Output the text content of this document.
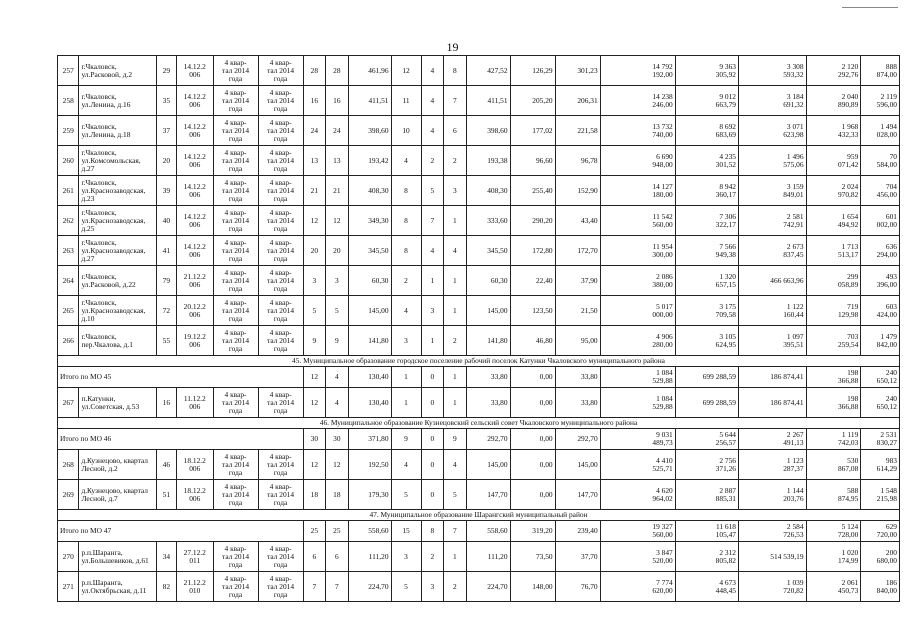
19
257	г.Чкаловск,
ул.Расковой, д.2	29	14.12.2
006	4 квар-
тал 2014
года	4 квар-
тал 2014
года	28	28	461,96	12	4	8	427,52	126,29	301,23	14 792
192,00	9 363
305,92	3 308
593,32	2 120
292,76	888
874,00
258	г.Чкаловск,
ул.Ленина, д.16	35	14.12.2
006	4 квар-
тал 2014
года	4 квар-
тал 2014
года	16	16	411,51	11	4	7	411,51	205,20	206,31	14 238
246,00	9 012
663,79	3 184
691,32	2 040
890,89	2 119
596,00
259	г.Чкаловск,
ул.Ленина, д.18	37	14.12.2
006	4 квар-
тал 2014
года	4 квар-
тал 2014
года	24	24	398,60	10	4	6	398,60	177,02	221,58	13 732
740,00	8 692
683,69	3 071
623,98	1 968
432,33	1 494
028,00
260	г.Чкаловск,
ул.Комсомольская,
д.27	20	14.12.2
006	4 квар-
тал 2014
года	4 квар-
тал 2014
года	13	13	193,42	4	2	2	193,38	96,60	96,78	6 690
948,00	4 235
301,52	1 496
575,06	959
071,42	70
584,00
261	г.Чкаловск,
ул.Краснозаводская,
д.23	39	14.12.2
006	4 квар-
тал 2014
года	4 квар-
тал 2014
года	21	21	408,30	8	5	3	408,30	255,40	152,90	14 127
180,00	8 942
360,17	3 159
849,01	2 024
970,82	704
456,00
262	г.Чкаловск,
ул.Краснозаводская,
д.25	40	14.12.2
006	4 квар-
тал 2014
года	4 квар-
тал 2014
года	12	12	349,30	8	7	1	333,60	290,20	43,40	11 542
560,00	7 306
322,17	2 581
742,91	1 654
494,92	601
002,00
263	г.Чкаловск,
ул.Краснозаводская,
д.27	41	14.12.2
006	4 квар-
тал 2014
года	4 квар-
тал 2014
года	20	20	345,50	8	4	4	345,50	172,80	172,70	11 954
300,00	7 566
949,38	2 673
837,45	1 713
513,17	636
294,00
264	г.Чкаловск,
ул.Расковой, д.22	79	21.12.2
006	4 квар-
тал 2014
года	4 квар-
тал 2014
года	3	3	60,30	2	1	1	60,30	22,40	37,90	2 086
380,00	1 320
657,15	466 663,96	299
058,89	493
396,00
265	г.Чкаловск,
ул.Краснозаводская,
д.10	72	20.12.2
006	4 квар-
тал 2014
года	4 квар-
тал 2014
года	5	5	145,00	4	3	1	145,00	123,50	21,50	5 017
000,00	3 175
709,58	1 122
160,44	719
129,98	603
424,00
266	г.Чкаловск,
пер.Чкалова, д.1	55	19.12.2
006	4 квар-
тал 2014
года	4 квар-
тал 2014
года	9	9	141,80	3	1	2	141,80	46,80	95,00	4 906
280,00	3 105
624,95	1 097
395,51	703
259,54	1 479
842,00
45. Муниципальное образование городское поселение рабочий поселок Катунки Чкаловского муниципального района																			
Итого по МО 45						12	4	130,40	1	0	1	33,80	0,00	33,80	1 084
529,88	699 288,59	186 874,41	198
366,88	240
650,12
267	п.Катунки,
ул.Советская, д.53	16	11.12.2
006	4 квар-
тал 2014
года	4 квар-
тал 2014
года	12	4	130,40	1	0	1	33,80	0,00	33,80	1 084
529,88	699 288,59	186 874,41	198
366,88	240
650,12
46. Муниципальное образование Кузнецовский сельский совет Чкаловского муниципального района																			
Итого по МО 46						30	30	371,80	9	0	9	292,70	0,00	292,70	9 031
489,73	5 644
256,57	2 267
491,13	1 119
742,03	2 531
830,27
268	д.Кузнецово, квартал
Лесной, д.2	46	18.12.2
006	4 квар-
тал 2014
года	4 квар-
тал 2014
года	12	12	192,50	4	0	4	145,00	0,00	145,00	4 410
525,71	2 756
371,26	1 123
287,37	530
867,08	983
614,29
269	д.Кузнецово, квартал
Лесной, д.7	51	18.12.2
006	4 квар-
тал 2014
года	4 квар-
тал 2014
года	18	18	179,30	5	0	5	147,70	0,00	147,70	4 620
964,02	2 887
885,31	1 144
203,76	588
874,95	1 548
215,98
47. Муниципальное образование Шарангский муниципальный район																			
Итого по МО 47						25	25	558,60	15	8	7	558,60	319,20	239,40	19 327
560,00	11 618
105,47	2 584
726,53	5 124
728,00	629
720,00
270	р.п.Шаранга,
ул.Большевиков, д.61	34	27.12.2
011	4 квар-
тал 2014
года	4 квар-
тал 2014
года	6	6	111,20	3	2	1	111,20	73,50	37,70	3 847
520,00	2 312
805,82	514 539,19	1 020
174,99	200
680,00
271	р.п.Шаранга,
ул.Октябрьская, д.11	82	21.12.2
010	4 квар-
тал 2014
года	4 квар-
тал 2014
года	7	7	224,70	5	3	2	224,70	148,00	76,70	7 774
620,00	4 673
448,45	1 039
720,82	2 061
450,73	186
840,00
